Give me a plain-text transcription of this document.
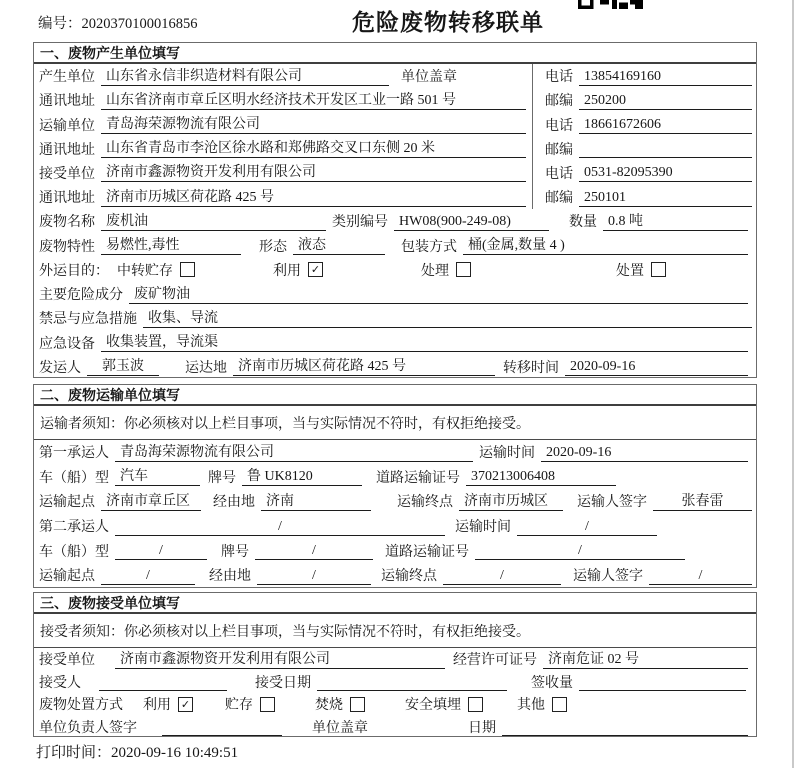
编号：2020370100016856	危险废物转移联单
一、废物产生单位填写
产生单位 山东省永信非织造材料有限公司	单位盖章	电话 13854169160
通讯地址 山东省济南市章丘区明水经济技术开发区工业一路 501 号	邮编 250200
运输单位 青岛海荣源物流有限公司	电话 18661672606
通讯地址 山东省青岛市李沧区徐水路和郑佛路交叉口东侧 20 米	邮编
接受单位 济南市鑫源物资开发利用有限公司	电话 0531-82095390
通讯地址 济南市历城区荷花路 425 号	邮编 250101
废物名称 废机油	类别编号 HW08(900-249-08)	数量 0.8 吨
废物特性 易燃性,毒性	形态 液态	包装方式 桶(金属,数量 4 )
外运目的： 中转贮存	利用 ✓	处理	处置
主要危险成分 废矿物油
禁忌与应急措施 收集、导流
应急设备 收集装置，导流渠
发运人	郭玉波	运达地 济南市历城区荷花路 425 号	转移时间 2020-09-16
二、废物运输单位填写
运输者须知：你必须核对以上栏目事项，当与实际情况不符时，有权拒绝接受。
第一承运人 青岛海荣源物流有限公司	运输时间 2020-09-16
车（船）型 汽车	牌号 鲁 UK8120	道路运输证号 370213006408
运输起点 济南市章丘区	经由地 济南	运输终点 济南市历城区	运输人签字	张春雷
第二承运人	/	运输时间	/
车（船）型	/	牌号	/	道路运输证号	/
运输起点	/	经由地	/	运输终点	/	运输人签字	/
三、废物接受单位填写
接受者须知：你必须核对以上栏目事项，当与实际情况不符时，有权拒绝接受。
接受单位	济南市鑫源物资开发利用有限公司	经营许可证号 济南危证 02 号
接受人	接受日期	签收量
废物处置方式 利用 ✓ 贮存	焚烧	安全填埋	其他
单位负责人签字	单位盖章	日期
打印时间：2020-09-16 10:49:51
